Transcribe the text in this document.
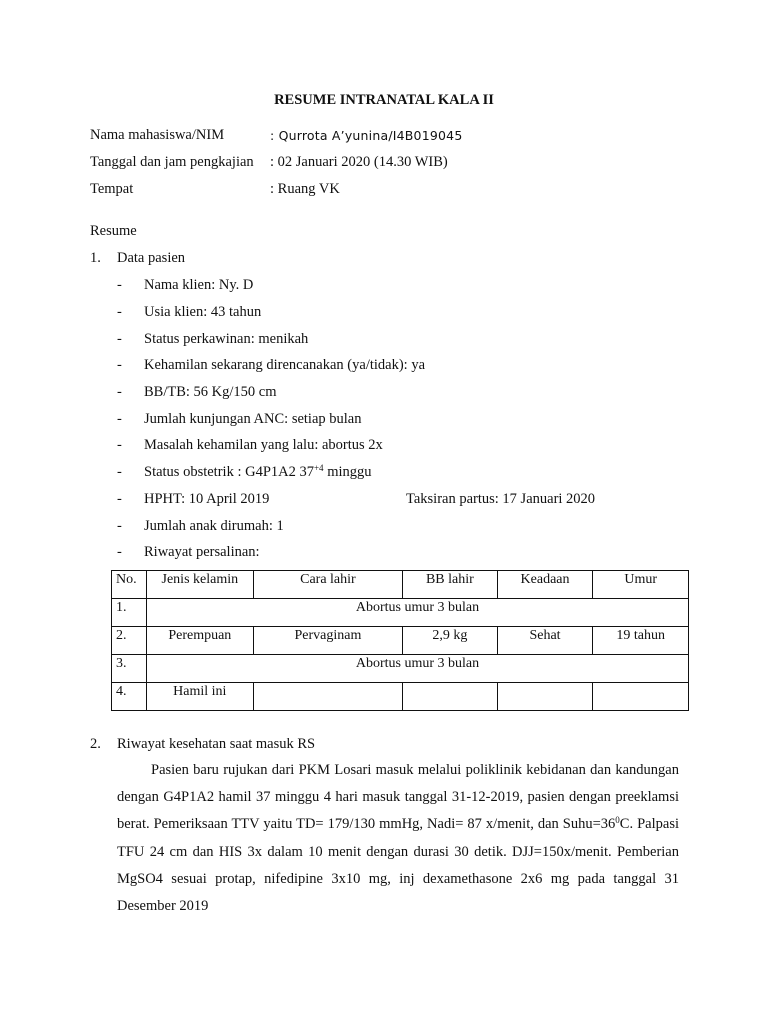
RESUME INTRANATAL KALA II
Nama mahasiswa/NIM	: Qurrota A’yunina/I4B019045
Tanggal dan jam pengkajian : 02 Januari 2020 (14.30 WIB)
Tempat	: Ruang VK
Resume
1. Data pasien
- Nama klien: Ny. D
- Usia klien: 43 tahun
- Status perkawinan: menikah
- Kehamilan sekarang direncanakan (ya/tidak): ya
- BB/TB: 56 Kg/150 cm
- Jumlah kunjungan ANC: setiap bulan
- Masalah kehamilan yang lalu: abortus 2x
- Status obstetrik : G4P1A2 $37^{+4}$ minggu
- HPHT: 10 April 2019	Taksiran partus: 17 Januari 2020
- Jumlah anak dirumah: 1
- Riwayat persalinan:
No.	Jenis kelamin	Cara lahir	BB lahir	Keadaan	Umur
1.	Abortus umur 3 bulan				
2.	Perempuan	Pervaginam	2,9 kg	Sehat	19 tahun
3.	Abortus umur 3 bulan				
4.	Hamil ini				
2. Riwayat kesehatan saat masuk RS
Pasien baru rujukan dari PKM Losari masuk melalui poliklinik kebidanan dan kandungan dengan G4P1A2 hamil 37 minggu 4 hari masuk tanggal 31-12-2019, pasien dengan preeklamsi berat. Pemeriksaan TTV yaitu TD= 179/130 mmHg, Nadi= 87 x/menit, dan $Suhu=36^0C$. Palpasi TFU 24 cm dan HIS 3x dalam 10 menit dengan durasi 30 detik. DJJ=150x/menit. Pemberian MgSO4 sesuai protap, nifedipine 3x10 mg, inj dexamethasone 2x6 mg pada tanggal 31 Desember 2019
